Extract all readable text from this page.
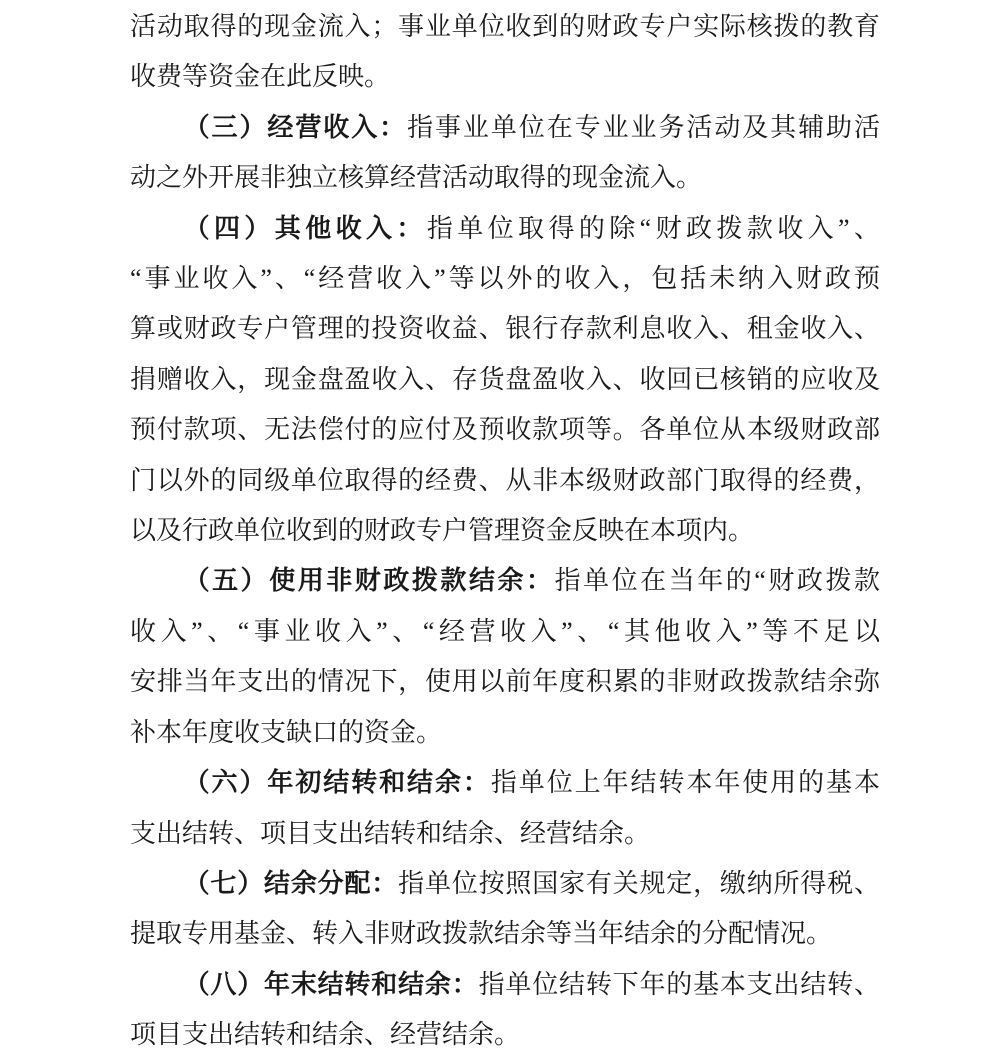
活动取得的现金流入；事业单位收到的财政专户实际核拨的教育
收费等资金在此反映。
（三）经营收入：指事业单位在专业业务活动及其辅助活
动之外开展非独立核算经营活动取得的现金流入。
（四）其他收入：指单位取得的除“财政拨款收入”、
“事业收入”、“经营收入”等以外的收入，包括未纳入财政预
算或财政专户管理的投资收益、银行存款利息收入、租金收入、
捐赠收入，现金盘盈收入、存货盘盈收入、收回已核销的应收及
预付款项、无法偿付的应付及预收款项等。各单位从本级财政部
门以外的同级单位取得的经费、从非本级财政部门取得的经费，
以及行政单位收到的财政专户管理资金反映在本项内。
（五）使用非财政拨款结余：指单位在当年的“财政拨款
收入”、“事业收入”、“经营收入”、“其他收入”等不足以
安排当年支出的情况下，使用以前年度积累的非财政拨款结余弥
补本年度收支缺口的资金。
（六）年初结转和结余：指单位上年结转本年使用的基本
支出结转、项目支出结转和结余、经营结余。
（七）结余分配：指单位按照国家有关规定，缴纳所得税、
提取专用基金、转入非财政拨款结余等当年结余的分配情况。
（八）年末结转和结余：指单位结转下年的基本支出结转、
项目支出结转和结余、经营结余。
